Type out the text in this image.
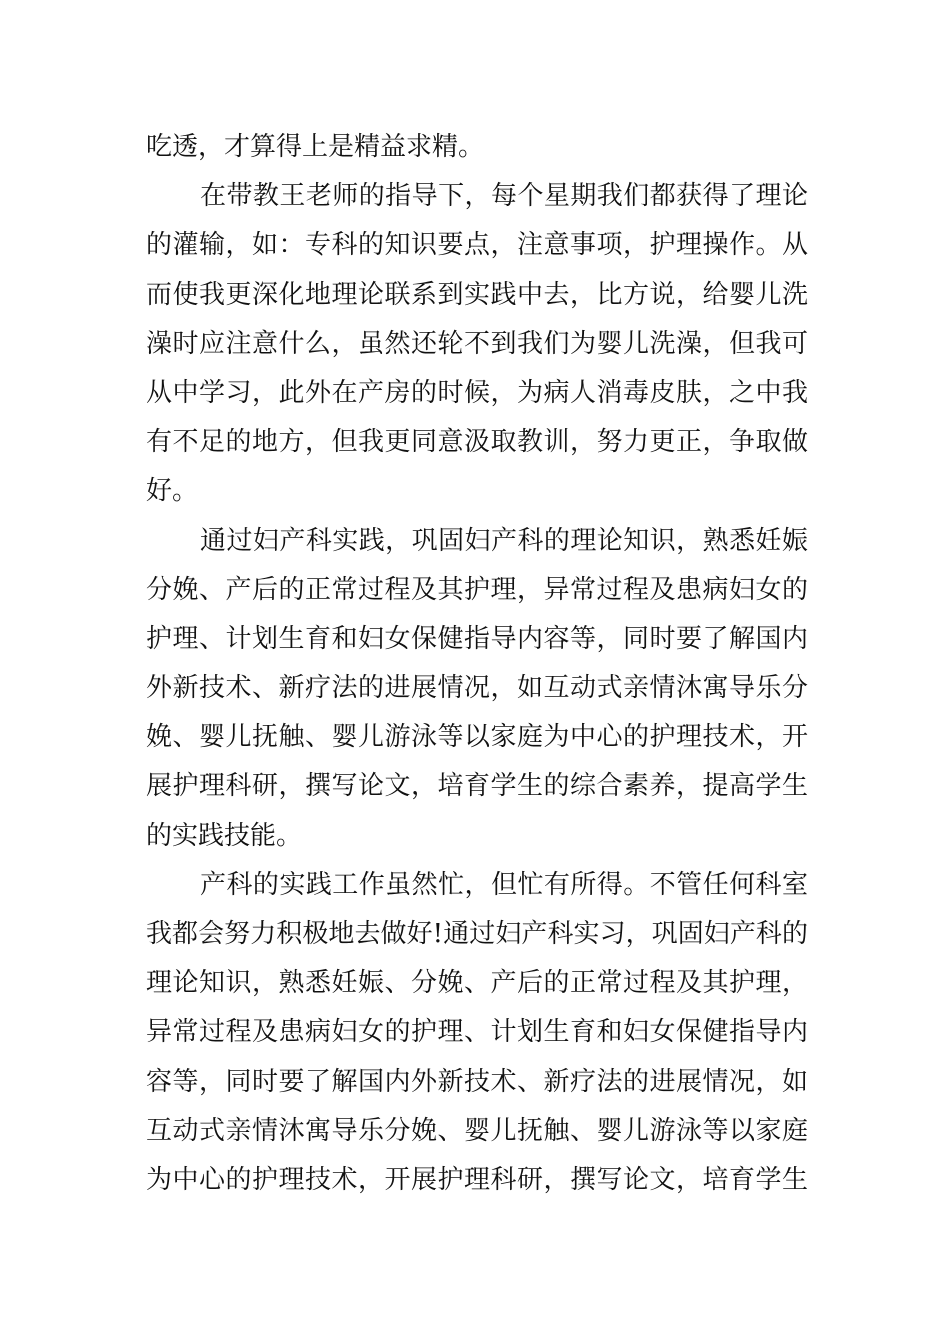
吃透，才算得上是精益求精。
在带教王老师的指导下，每个星期我们都获得了理论
的灌输，如：专科的知识要点，注意事项，护理操作。从
而使我更深化地理论联系到实践中去，比方说，给婴儿洗
澡时应注意什么，虽然还轮不到我们为婴儿洗澡，但我可
从中学习，此外在产房的时候，为病人消毒皮肤，之中我
有不足的地方，但我更同意汲取教训，努力更正，争取做
好。
通过妇产科实践，巩固妇产科的理论知识，熟悉妊娠
分娩、产后的正常过程及其护理，异常过程及患病妇女的
护理、计划生育和妇女保健指导内容等，同时要了解国内
外新技术、新疗法的进展情况，如互动式亲情沐寓导乐分
娩、婴儿抚触、婴儿游泳等以家庭为中心的护理技术，开
展护理科研，撰写论文，培育学生的综合素养，提高学生
的实践技能。
产科的实践工作虽然忙，但忙有所得。不管任何科室
我都会努力积极地去做好!通过妇产科实习，巩固妇产科的
理论知识，熟悉妊娠、分娩、产后的正常过程及其护理，
异常过程及患病妇女的护理、计划生育和妇女保健指导内
容等，同时要了解国内外新技术、新疗法的进展情况，如
互动式亲情沐寓导乐分娩、婴儿抚触、婴儿游泳等以家庭
为中心的护理技术，开展护理科研，撰写论文，培育学生
